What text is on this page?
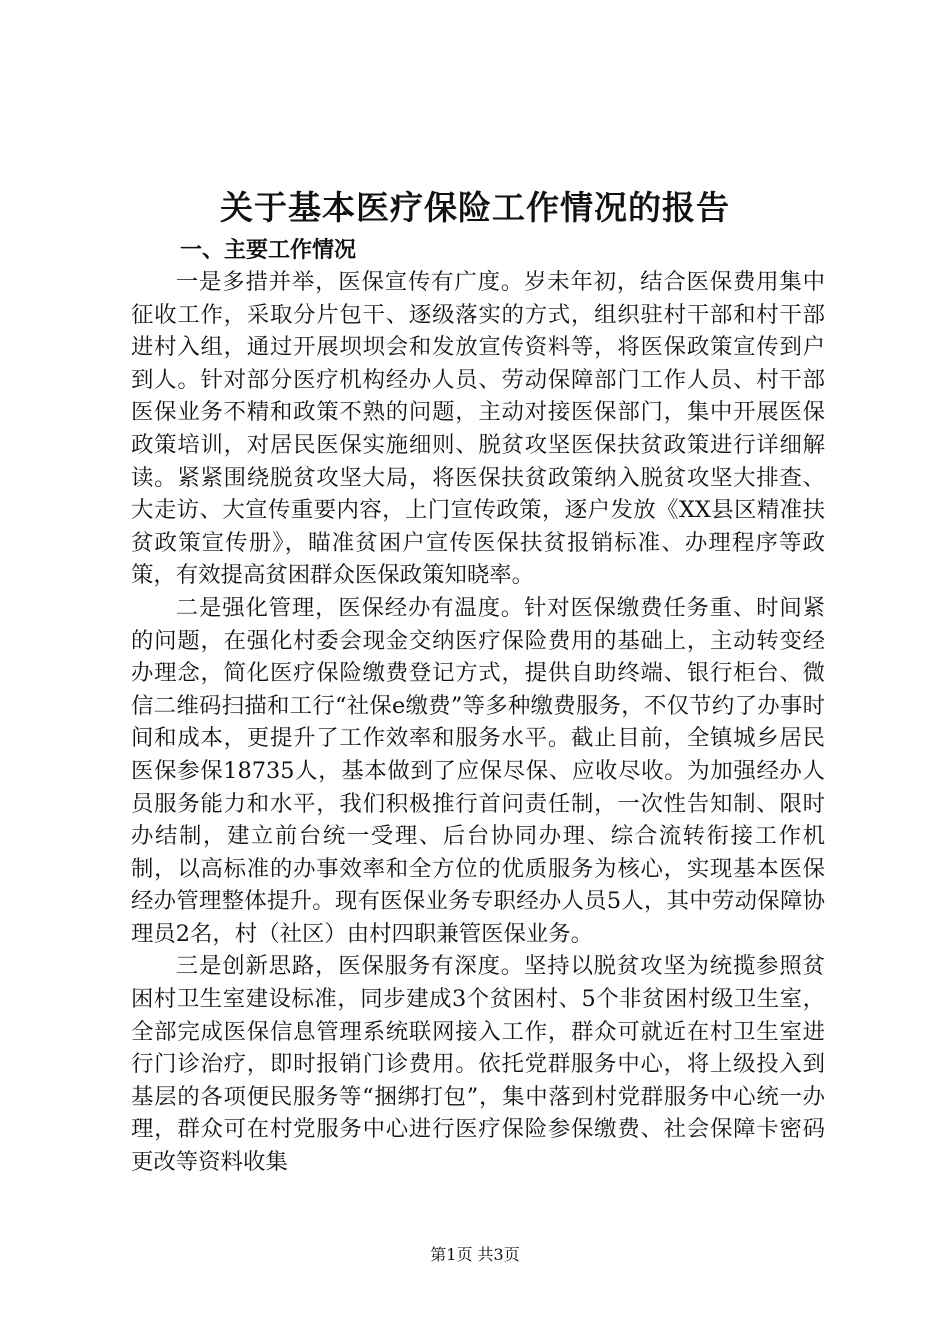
关于基本医疗保险工作情况的报告
一、主要工作情况

一是多措并举，医保宣传有广度。岁未年初，结合医保费用集中征收工作，采取分片包干、逐级落实的方式，组织驻村干部和村干部进村入组，通过开展坝坝会和发放宣传资料等，将医保政策宣传到户到人。针对部分医疗机构经办人员、劳动保障部门工作人员、村干部医保业务不精和政策不熟的问题，主动对接医保部门，集中开展医保政策培训，对居民医保实施细则、脱贫攻坚医保扶贫政策进行详细解读。紧紧围绕脱贫攻坚大局，将医保扶贫政策纳入脱贫攻坚大排查、大走访、大宣传重要内容，上门宣传政策，逐户发放《XX县区精准扶贫政策宣传册》，瞄准贫困户宣传医保扶贫报销标准、办理程序等政策，有效提高贫困群众医保政策知晓率。

二是强化管理，医保经办有温度。针对医保缴费任务重、时间紧的问题，在强化村委会现金交纳医疗保险费用的基础上，主动转变经办理念，简化医疗保险缴费登记方式，提供自助终端、银行柜台、微信二维码扫描和工行“社保e缴费”等多种缴费服务，不仅节约了办事时间和成本，更提升了工作效率和服务水平。截止目前，全镇城乡居民医保参保18735人，基本做到了应保尽保、应收尽收。为加强经办人员服务能力和水平，我们积极推行首问责任制，一次性告知制、限时办结制，建立前台统一受理、后台协同办理、综合流转衔接工作机制，以高标准的办事效率和全方位的优质服务为核心，实现基本医保经办管理整体提升。现有医保业务专职经办人员5人，其中劳动保障协理员2名，村（社区）由村四职兼管医保业务。

三是创新思路，医保服务有深度。坚持以脱贫攻坚为统揽参照贫困村卫生室建设标准，同步建成3个贫困村、5个非贫困村级卫生室，全部完成医保信息管理系统联网接入工作，群众可就近在村卫生室进行门诊治疗，即时报销门诊费用。依托党群服务中心，将上级投入到基层的各项便民服务等“捆绑打包”，集中落到村党群服务中心统一办理，群众可在村党服务中心进行医疗保险参保缴费、社会保障卡密码更改等资料收集

第1页 共3页
